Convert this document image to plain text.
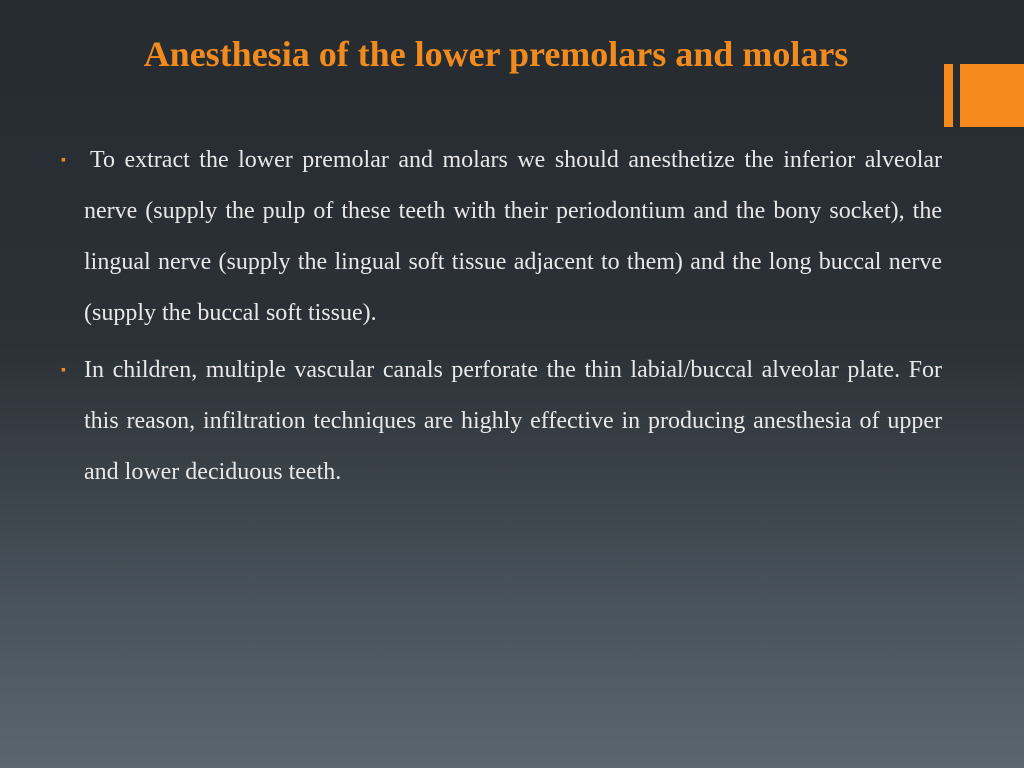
Anesthesia of the lower premolars and molars
▪ To extract the lower premolar and molars we should anesthetize the inferior alveolar nerve (supply the pulp of these teeth with their periodontium and the bony socket), the lingual nerve (supply the lingual soft tissue adjacent to them) and the long buccal nerve (supply the buccal soft tissue).
▪ In children, multiple vascular canals perforate the thin labial/buccal alveolar plate. For this reason, infiltration techniques are highly effective in producing anesthesia of upper and lower deciduous teeth.
